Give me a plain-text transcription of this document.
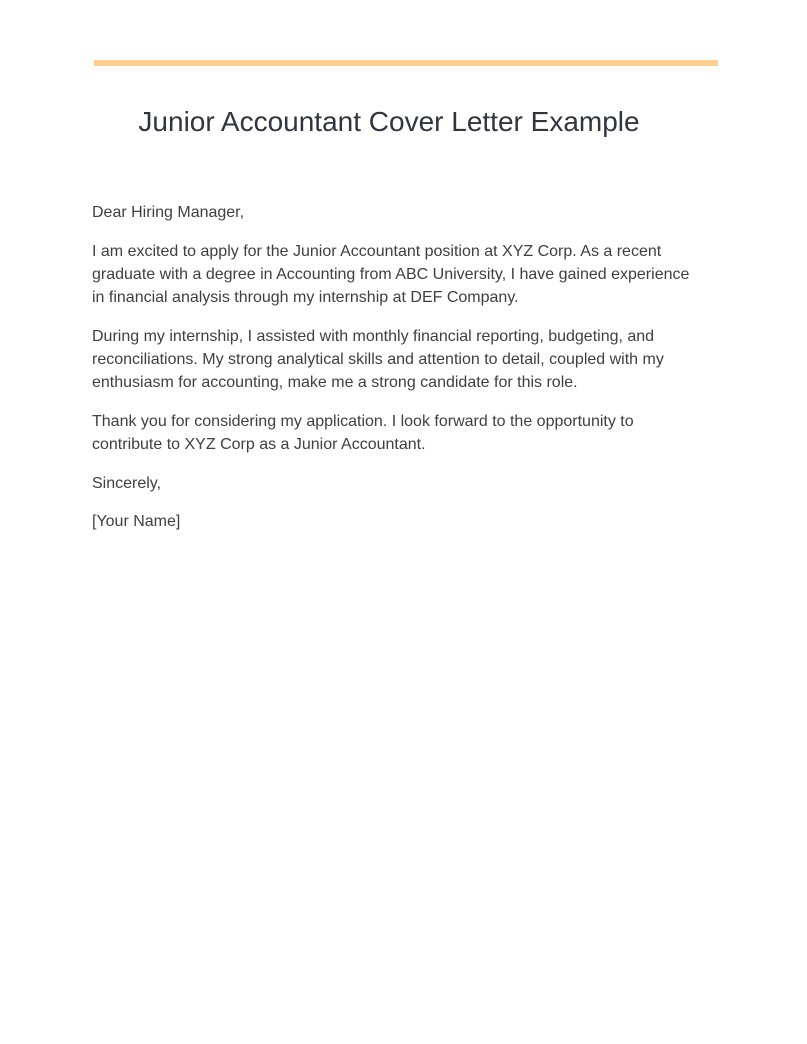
Junior Accountant Cover Letter Example

Dear Hiring Manager,

I am excited to apply for the Junior Accountant position at XYZ Corp. As a recent graduate with a degree in Accounting from ABC University, I have gained experience in financial analysis through my internship at DEF Company.

During my internship, I assisted with monthly financial reporting, budgeting, and reconciliations. My strong analytical skills and attention to detail, coupled with my enthusiasm for accounting, make me a strong candidate for this role.

Thank you for considering my application. I look forward to the opportunity to contribute to XYZ Corp as a Junior Accountant.

Sincerely,

[Your Name]
